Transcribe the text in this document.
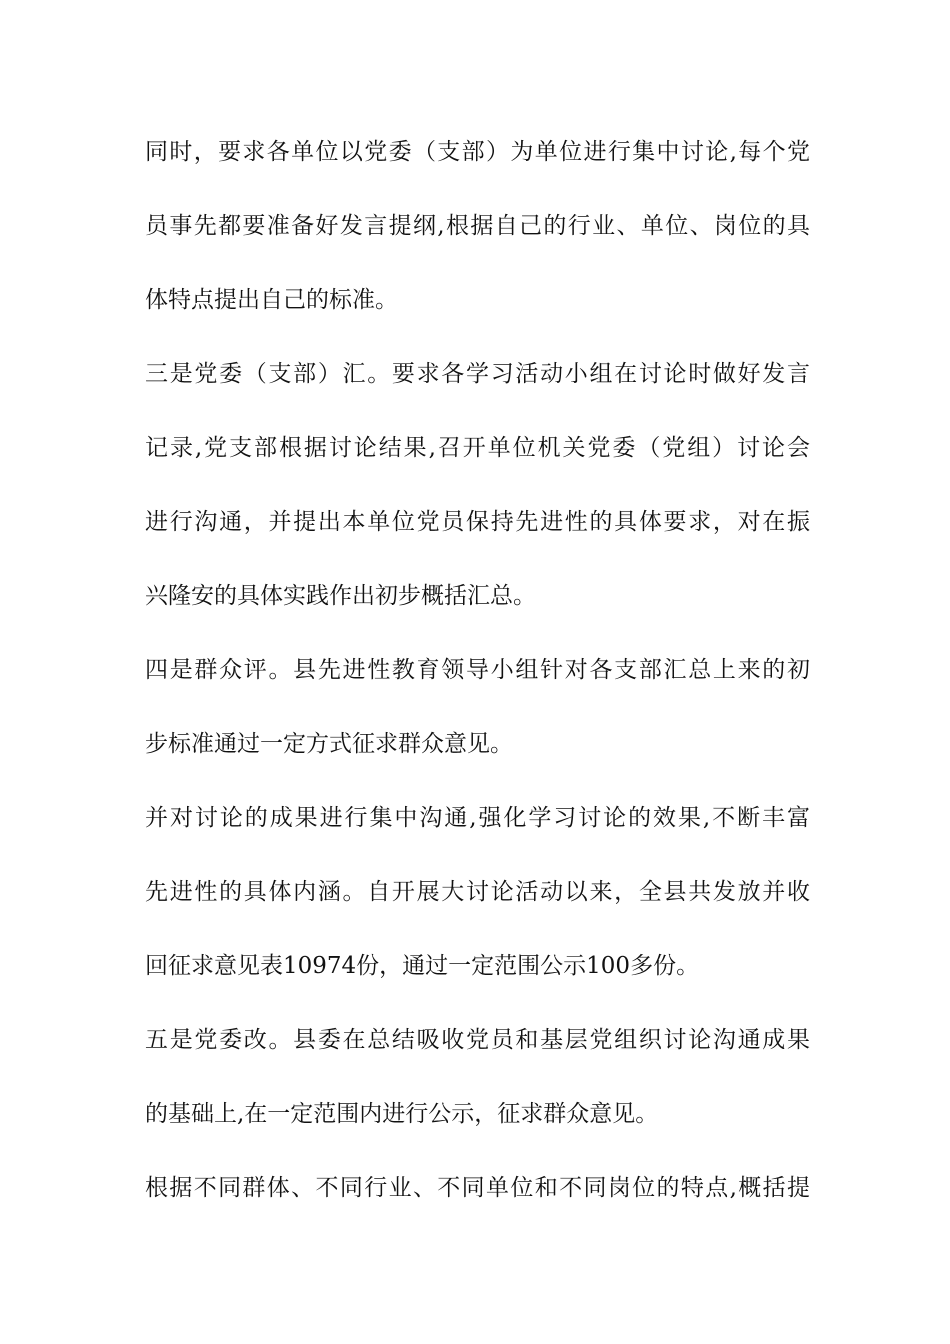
同时，要求各单位以党委（支部）为单位进行集中讨论,每个党
员事先都要准备好发言提纲,根据自己的行业、单位、岗位的具
体特点提出自己的标准。
三是党委（支部）汇。要求各学习活动小组在讨论时做好发言
记录,党支部根据讨论结果,召开单位机关党委（党组）讨论会
进行沟通，并提出本单位党员保持先进性的具体要求，对在振
兴隆安的具体实践作出初步概括汇总。
四是群众评。县先进性教育领导小组针对各支部汇总上来的初
步标准通过一定方式征求群众意见。
并对讨论的成果进行集中沟通,强化学习讨论的效果,不断丰富
先进性的具体内涵。自开展大讨论活动以来，全县共发放并收
回征求意见表10974份，通过一定范围公示100多份。
五是党委改。县委在总结吸收党员和基层党组织讨论沟通成果
的基础上,在一定范围内进行公示，征求群众意见。
根据不同群体、不同行业、不同单位和不同岗位的特点,概括提
